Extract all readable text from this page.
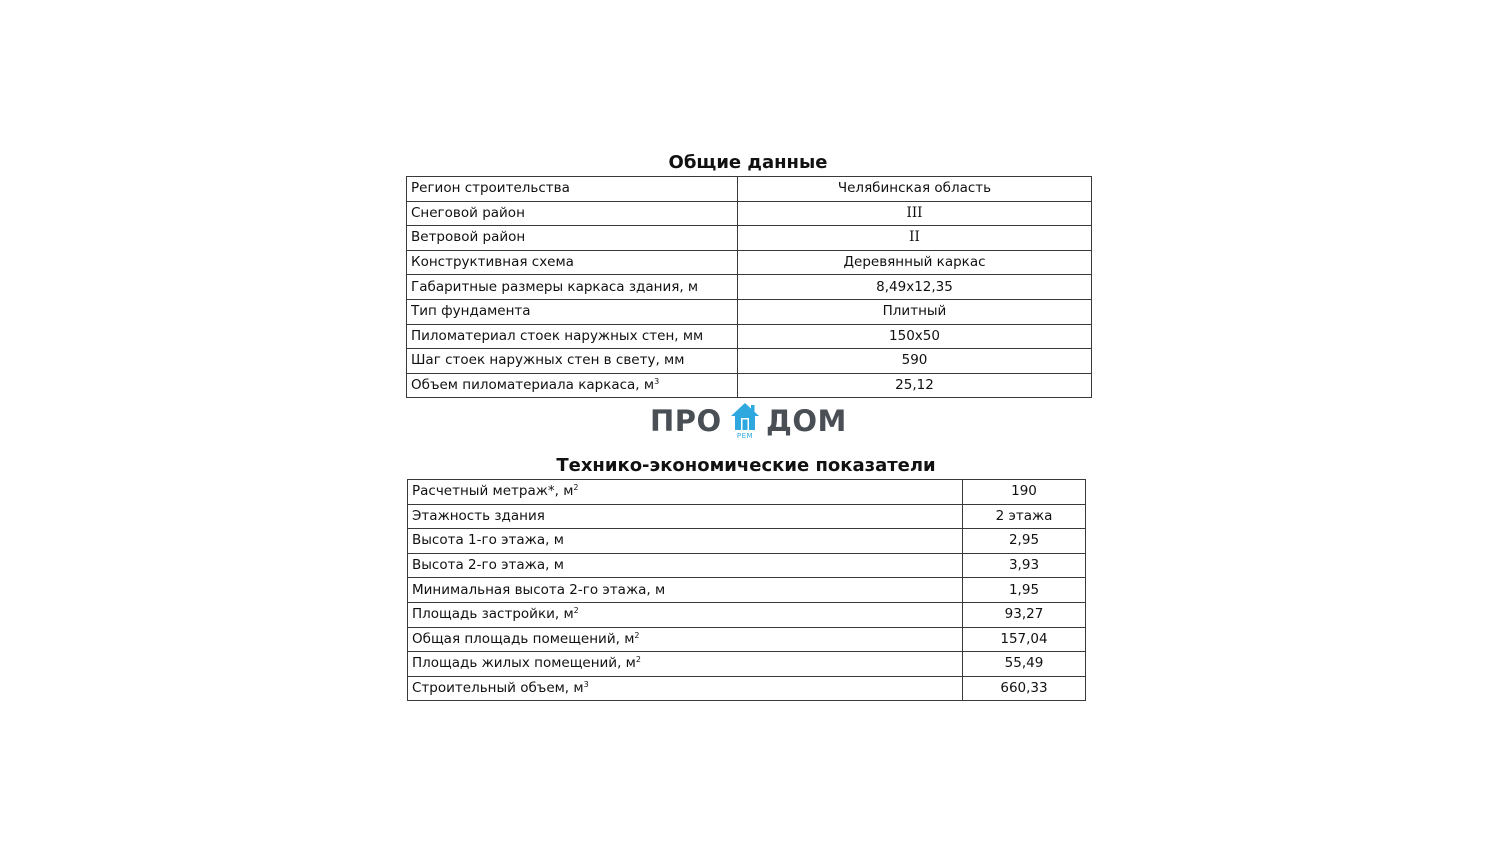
Общие данные
Регион строительства	Челябинская область
Снеговой район	III
Ветровой район	II
Конструктивная схема	Деревянный каркас
Габаритные размеры каркаса здания, м	8,49х12,35
Тип фундамента	Плитный
Пиломатериал стоек наружных стен, мм	150х50
Шаг стоек наружных стен в свету, мм	590
Объем пиломатериала каркаса, $м^3$	25,12
ПРО	РЕМ ДОМ
Технико-экономические показатели
Расчетный метраж*, $м^2$	190
Этажность здания	2 этажа
Высота 1-го этажа, м	2,95
Высота 2-го этажа, м	3,93
Минимальная высота 2-го этажа, м	1,95
Площадь застройки, $м^2$	93,27
Общая площадь помещений, $м^2$	157,04
Площадь жилых помещений, $м^2$	55,49
Строительный объем, $м^3$	660,33
